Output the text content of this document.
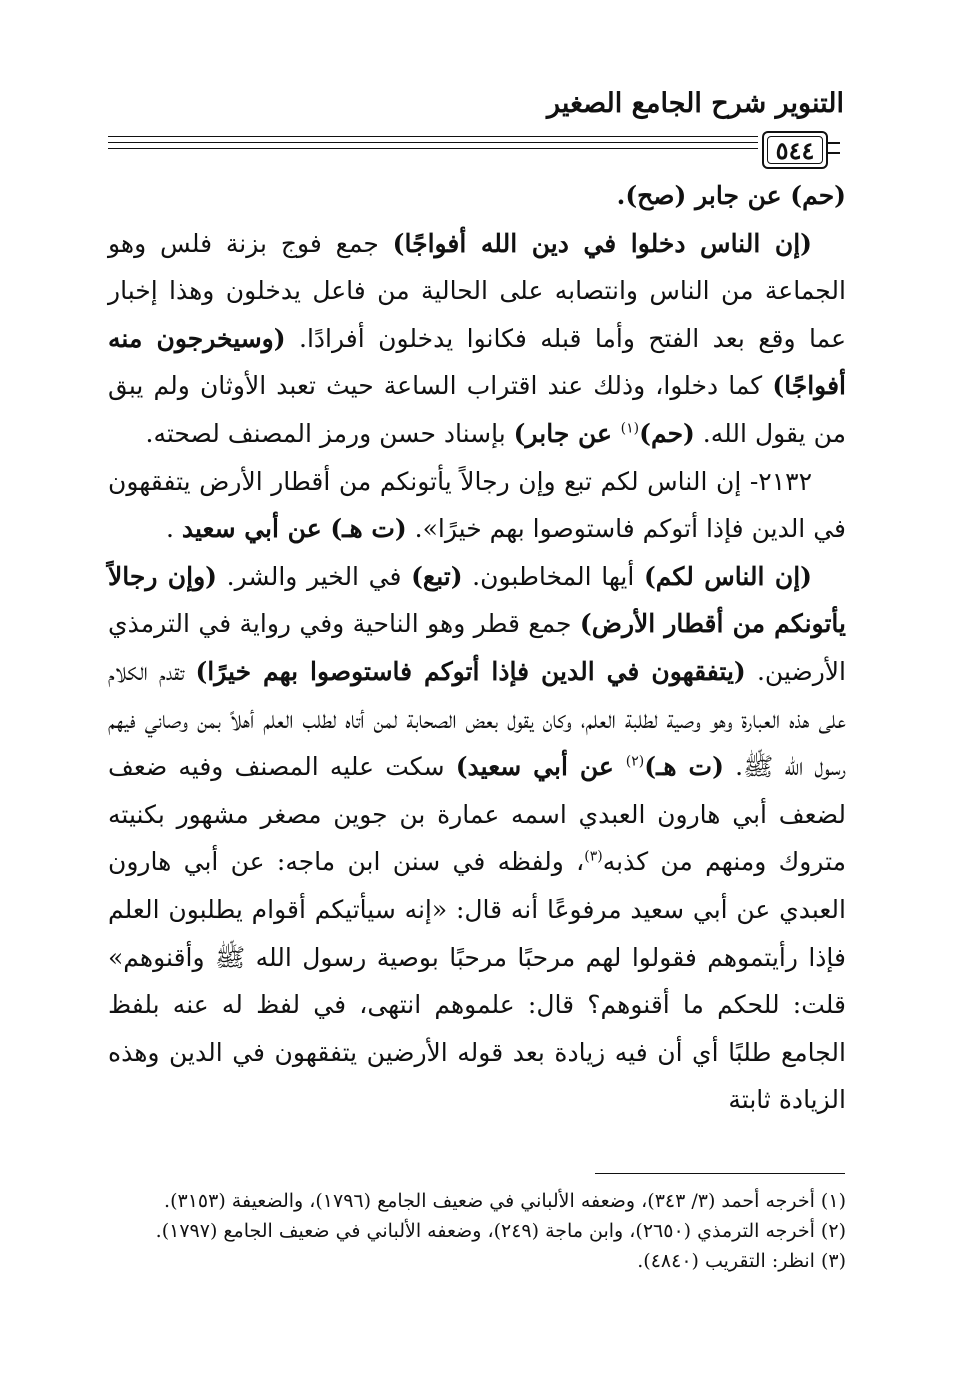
التنوير شرح الجامع الصغير
٥٤٤

(حم) عن جابر (صح).

(إن الناس دخلوا في دين الله أفواجًا) جمع فوج بزنة فلس وهو الجماعة من الناس وانتصابه على الحالية من فاعل يدخلون وهذا إخبار عما وقع بعد الفتح وأما قبله فكانوا يدخلون أفرادًا. (وسيخرجون منه أفواجًا) كما دخلوا، وذلك عند اقتراب الساعة حيث تعبد الأوثان ولم يبق من يقول الله. (حم)$^{(١)}$ عن جابر) بإسناد حسن ورمز المصنف لصحته.

٢١٣٢- إن الناس لكم تبع وإن رجالاً يأتونكم من أقطار الأرض يتفقهون في الدين فإذا أتوكم فاستوصوا بهم خيرًا». (ت هـ) عن أبي سعيد .

(إن الناس لكم) أيها المخاطبون. (تبع) في الخير والشر. (وإن رجالاً يأتونكم من أقطار الأرض) جمع قطر وهو الناحية وفي رواية في الترمذي الأرضين. (يتفقهون في الدين فإذا أتوكم فاستوصوا بهم خيرًا) تقدم الكلام على هذه العبارة وهو وصية لطلبة العلم، وكان يقول بعض الصحابة لمن أتاه لطلب العلم أهلاً بمن وصاني فيهم رسول الله ﷺ. (ت هـ)$^{(٢)}$ عن أبي سعيد) سكت عليه المصنف وفيه ضعف لضعف أبي هارون العبدي اسمه عمارة بن جوين مصغر مشهور بكنيته متروك ومنهم من كذبه$^{(٣)}$، ولفظه في سنن ابن ماجه: عن أبي هارون العبدي عن أبي سعيد مرفوعًا أنه قال: «إنه سيأتيكم أقوام يطلبون العلم فإذا رأيتموهم فقولوا لهم مرحبًا مرحبًا بوصية رسول الله ﷺ وأقنوهم» قلت: للحكم ما أقنوهم؟ قال: علموهم انتهى، في لفظ له عنه بلفظ الجامع طلبًا أي أن فيه زيادة بعد قوله الأرضين يتفقهون في الدين وهذه الزيادة ثابتة

(١) أخرجه أحمد (٣/ ٣٤٣)، وضعفه الألباني في ضعيف الجامع (١٧٩٦)، والضعيفة (٣١٥٣).

(٢) أخرجه الترمذي (٢٦٥٠)، وابن ماجة (٢٤٩)، وضعفه الألباني في ضعيف الجامع (١٧٩٧).

(٣) انظر: التقريب (٤٨٤٠).
